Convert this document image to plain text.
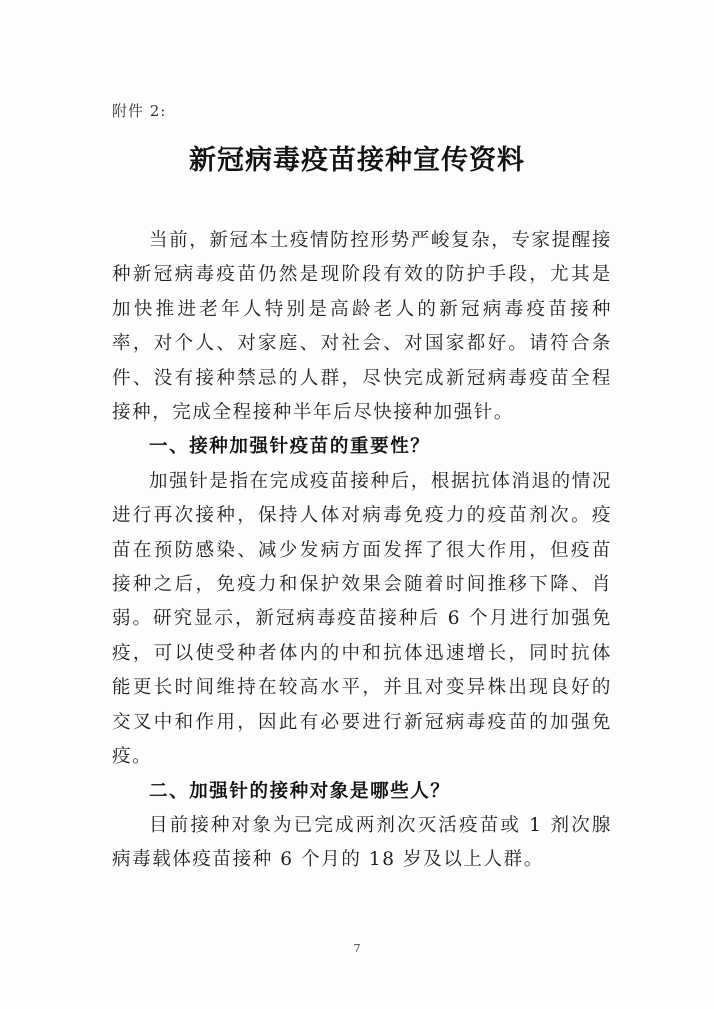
附件 2:
新冠病毒疫苗接种宣传资料

当前，新冠本土疫情防控形势严峻复杂，专家提醒接种新冠病毒疫苗仍然是现阶段有效的防护手段，尤其是加快推进老年人特别是高龄老人的新冠病毒疫苗接种率，对个人、对家庭、对社会、对国家都好。请符合条件、没有接种禁忌的人群，尽快完成新冠病毒疫苗全程接种，完成全程接种半年后尽快接种加强针。

一、接种加强针疫苗的重要性？

加强针是指在完成疫苗接种后，根据抗体消退的情况进行再次接种，保持人体对病毒免疫力的疫苗剂次。疫苗在预防感染、减少发病方面发挥了很大作用，但疫苗接种之后，免疫力和保护效果会随着时间推移下降、肖弱。研究显示，新冠病毒疫苗接种后 6 个月进行加强免疫，可以使受种者体内的中和抗体迅速增长，同时抗体能更长时间维持在较高水平，并且对变异株出现良好的交叉中和作用，因此有必要进行新冠病毒疫苗的加强免疫。

二、加强针的接种对象是哪些人？

目前接种对象为已完成两剂次灭活疫苗或 1 剂次腺病毒载体疫苗接种 6 个月的 18 岁及以上人群。

7
